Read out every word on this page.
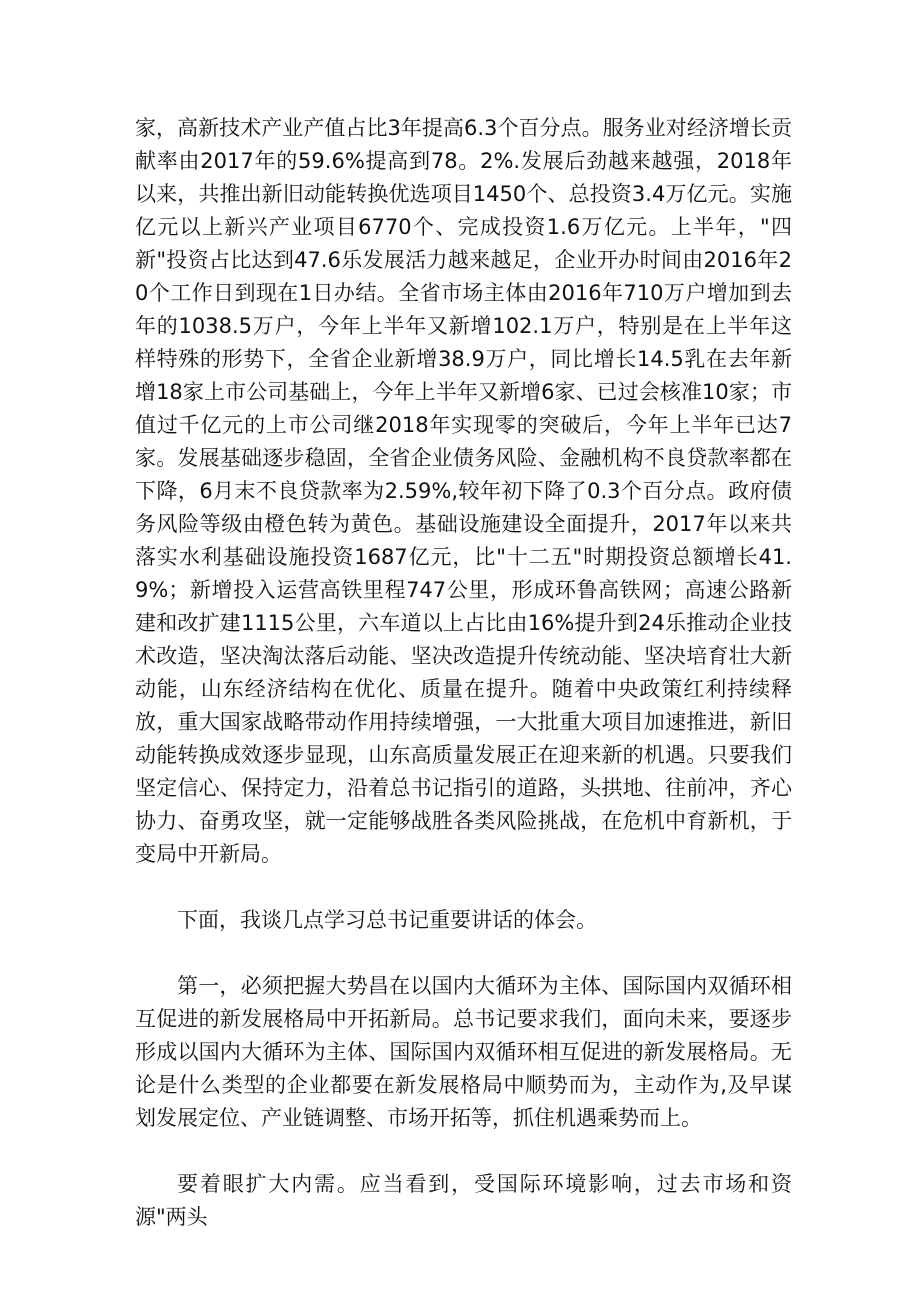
家，高新技术产业产值占比3年提高6.3个百分点。服务业对经济增长贡献率由2017年的59.6%提高到78。2%.发展后劲越来越强，2018年以来，共推出新旧动能转换优选项目1450个、总投资3.4万亿元。实施亿元以上新兴产业项目6770个、完成投资1.6万亿元。上半年，"四新"投资占比达到47.6乐发展活力越来越足，企业开办时间由2016年20个工作日到现在1日办结。全省市场主体由2016年710万户增加到去年的1038.5万户，今年上半年又新增102.1万户，特别是在上半年这样特殊的形势下，全省企业新增38.9万户，同比增长14.5乳在去年新增18家上市公司基础上，今年上半年又新增6家、已过会核准10家；市值过千亿元的上市公司继2018年实现零的突破后，今年上半年已达7家。发展基础逐步稳固，全省企业债务风险、金融机构不良贷款率都在下降，6月末不良贷款率为2.59%,较年初下降了0.3个百分点。政府债务风险等级由橙色转为黄色。基础设施建设全面提升，2017年以来共落实水利基础设施投资1687亿元，比"十二五"时期投资总额增长41.9%；新增投入运营高铁里程747公里，形成环鲁高铁网；高速公路新建和改扩建1115公里，六车道以上占比由16%提升到24乐推动企业技术改造，坚决淘汰落后动能、坚决改造提升传统动能、坚决培育壮大新动能，山东经济结构在优化、质量在提升。随着中央政策红利持续释放，重大国家战略带动作用持续增强，一大批重大项目加速推进，新旧动能转换成效逐步显现，山东高质量发展正在迎来新的机遇。只要我们坚定信心、保持定力，沿着总书记指引的道路，头拱地、往前冲，齐心协力、奋勇攻坚，就一定能够战胜各类风险挑战，在危机中育新机，于变局中开新局。

下面，我谈几点学习总书记重要讲话的体会。

第一，必须把握大势昌在以国内大循环为主体、国际国内双循环相互促进的新发展格局中开拓新局。总书记要求我们，面向未来，要逐步形成以国内大循环为主体、国际国内双循环相互促进的新发展格局。无论是什么类型的企业都要在新发展格局中顺势而为，主动作为,及早谋划发展定位、产业链调整、市场开拓等，抓住机遇乘势而上。

要着眼扩大内需。应当看到，受国际环境影响，过去市场和资源"两头
